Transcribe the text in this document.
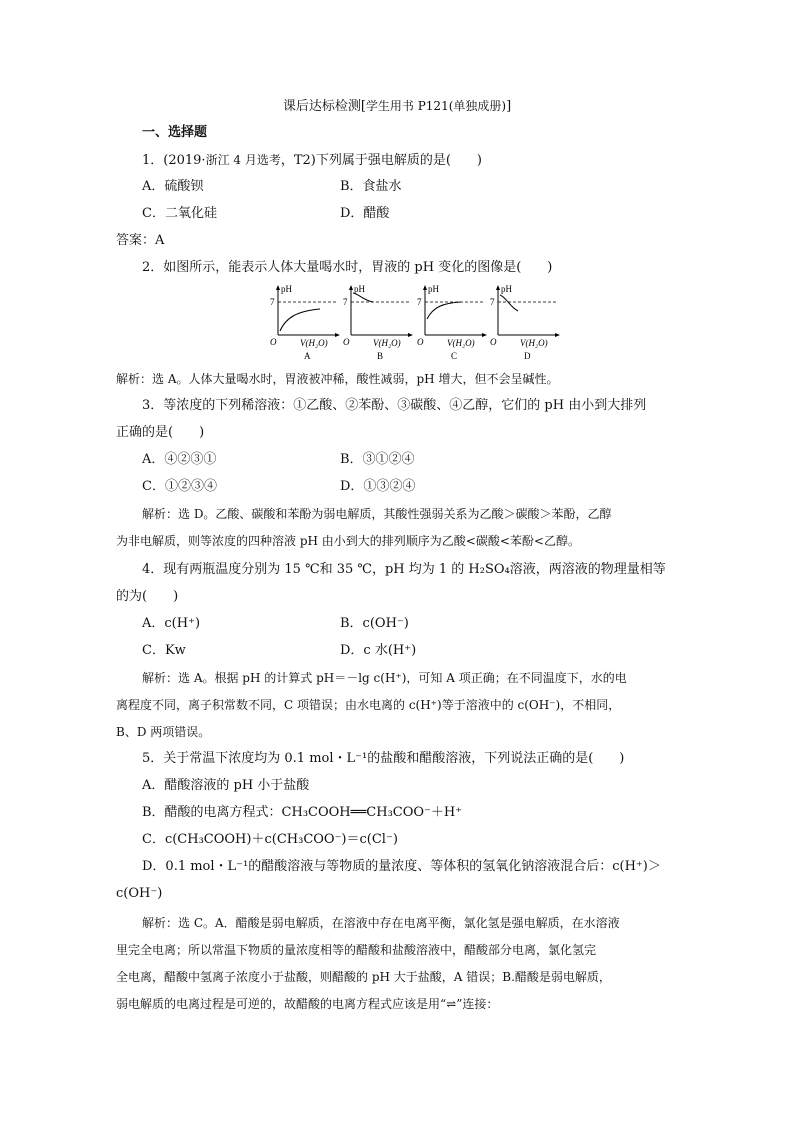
课后达标检测[学生用书 P121(单独成册)]
一、选择题
1．(2019·浙江 4 月选考，T2)下列属于强电解质的是(　　)
A．硫酸钡	B．食盐水
C．二氧化硅	D．醋酸
答案：A
2．如图所示，能表示人体大量喝水时，胃液的 pH 变化的图像是(　　)
pH
7
O	V(H₂O)
A
pH
7
O	V(H₂O)
B
pH
7
O	V(H₂O)
C
pH
7
O	V(H₂O)
D
解析：选 A。人体大量喝水时，胃液被冲稀，酸性减弱，pH 增大，但不会呈碱性。
3．等浓度的下列稀溶液：①乙酸、②苯酚、③碳酸、④乙醇，它们的 pH 由小到大排列
正确的是(　　)
A．④②③①	B．③①②④
C．①②③④	D．①③②④
解析：选 D。乙酸、碳酸和苯酚为弱电解质，其酸性强弱关系为乙酸＞碳酸＞苯酚，乙醇
为非电解质，则等浓度的四种溶液 pH 由小到大的排列顺序为乙酸<碳酸<苯酚<乙醇。
4．现有两瓶温度分别为 15 ℃和 35 ℃，pH 均为 1 的 H₂SO₄溶液，两溶液的物理量相等
的为(　　)
A．c(H⁺)	B．c(OH⁻)
C．Kw	D．c 水(H⁺)
解析：选 A。根据 pH 的计算式 pH＝－lg c(H⁺)，可知 A 项正确；在不同温度下，水的电
离程度不同，离子积常数不同，C 项错误；由水电离的 c(H⁺)等于溶液中的 c(OH⁻)，不相同，
B、D 两项错误。
5．关于常温下浓度均为 0.1 mol・L⁻¹的盐酸和醋酸溶液，下列说法正确的是(　　)
A．醋酸溶液的 pH 小于盐酸
B．醋酸的电离方程式：CH₃COOH══CH₃COO⁻＋H⁺
C．c(CH₃COOH)＋c(CH₃COO⁻)＝c(Cl⁻)
D．0.1 mol・L⁻¹的醋酸溶液与等物质的量浓度、等体积的氢氧化钠溶液混合后：c(H⁺)＞
c(OH⁻)
解析：选 C。A．醋酸是弱电解质，在溶液中存在电离平衡，氯化氢是强电解质，在水溶液
里完全电离；所以常温下物质的量浓度相等的醋酸和盐酸溶液中，醋酸部分电离，氯化氢完
全电离，醋酸中氢离子浓度小于盐酸，则醋酸的 pH 大于盐酸，A 错误；B.醋酸是弱电解质，
弱电解质的电离过程是可逆的，故醋酸的电离方程式应该是用“⇌”连接：
